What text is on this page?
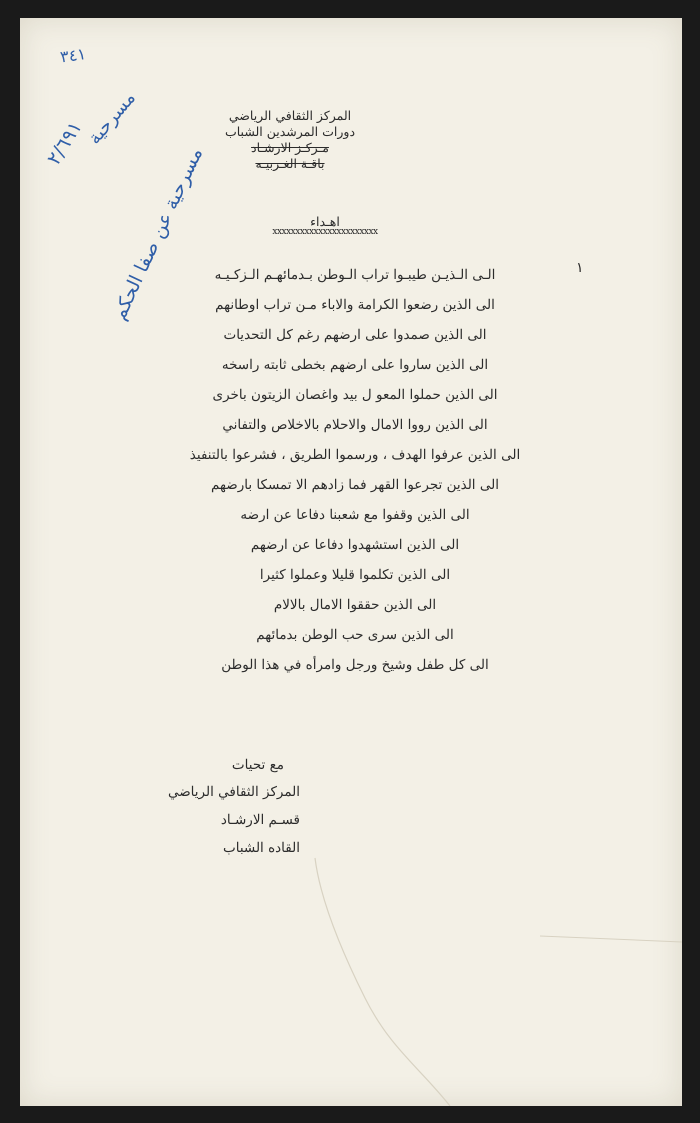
المركز الثقافي الرياضي
دورات المرشدين الشباب
مـركـز الارشـاد
باقـة الغـربيـه
اهـداء
xxxxxxxxxxxxxxxxxxxxxxx
١
الـى الـذيـن طيبـوا تراب الـوطن بـدمائهـم الـزكـيـه
الى الذين رضعوا الكرامة والاباء مـن تراب اوطانهم
الى الذين صمدوا على ارضهم رغم كل التحديات
الى الذين ساروا على ارضهم بخطى ثابته راسخه
الى الذين حملوا المعو ل بيد واغصان الزيتون باخرى
الى الذين رووا الامال والاحلام بالاخلاص والتفاني
الى الذين عرفوا الهدف ، ورسموا الطريق ، فشرعوا بالتنفيذ
الى الذين تجرعوا القهر فما زادهم الا تمسكا بارضهم
الى الذين وقفوا مع شعبنا دفاعا عن ارضه
الى الذين استشهدوا دفاعا عن ارضهم
الى الذين تكلموا قليلا وعملوا كثيرا
الى الذين حققوا الامال بالالام
الى الذين سرى حب الوطن بدمائهم
الى كل طفل وشيخ ورجل وامرأه في هذا الوطن
مع تحيات
المركز الثقافي الرياضي
قسـم الارشـاد
القاده الشباب
٣٤١
مسرحية
٢/٦٩١
مسرحية عن صفا الحكم
